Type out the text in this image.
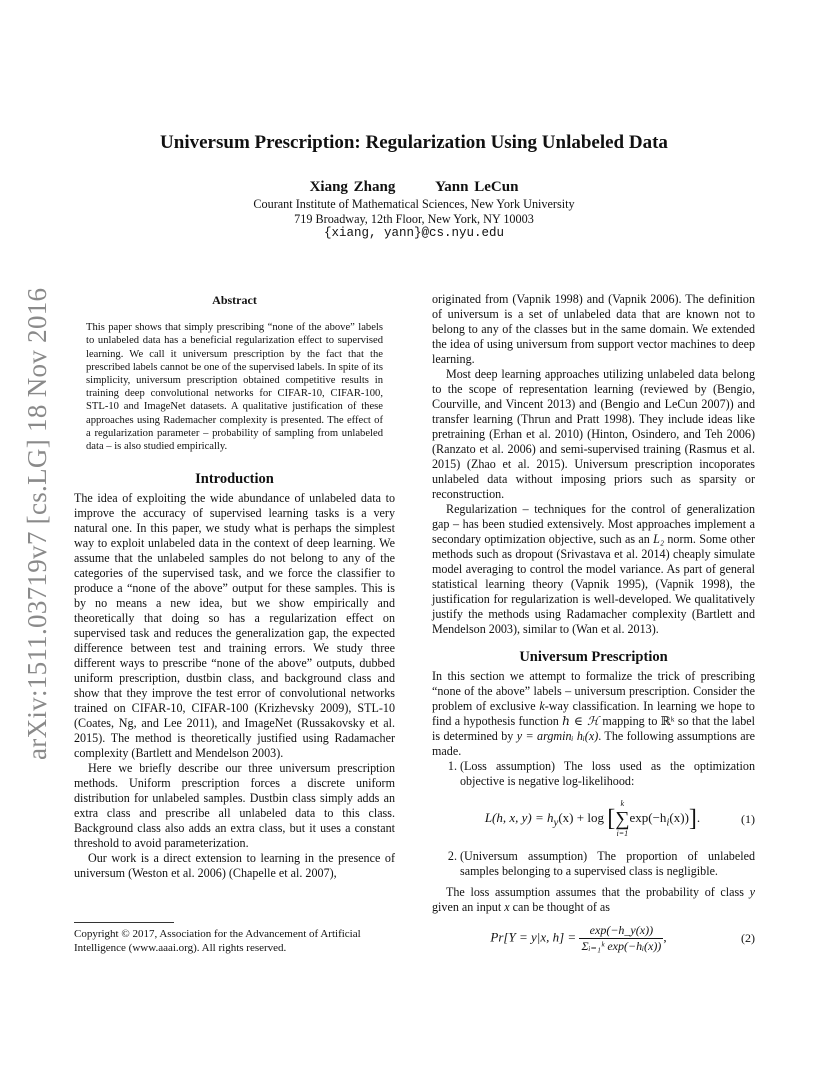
arXiv:1511.03719v7 [cs.LG] 18 Nov 2016
Universum Prescription: Regularization Using Unlabeled Data
Xiang Zhang	Yann LeCun
Courant Institute of Mathematical Sciences, New York University
719 Broadway, 12th Floor, New York, NY 10003
{xiang, yann}@cs.nyu.edu
Abstract

This paper shows that simply prescribing “none of the above” labels to unlabeled data has a beneficial regularization effect to supervised learning. We call it universum prescription by the fact that the prescribed labels cannot be one of the supervised labels. In spite of its simplicity, universum prescription obtained competitive results in training deep convolutional networks for CIFAR-10, CIFAR-100, STL-10 and ImageNet datasets. A qualitative justification of these approaches using Rademacher complexity is presented. The effect of a regularization parameter – probability of sampling from unlabeled data – is also studied empirically.

Introduction

The idea of exploiting the wide abundance of unlabeled data to improve the accuracy of supervised learning tasks is a very natural one. In this paper, we study what is perhaps the simplest way to exploit unlabeled data in the context of deep learning. We assume that the unlabeled samples do not belong to any of the categories of the supervised task, and we force the classifier to produce a “none of the above” output for these samples. This is by no means a new idea, but we show empirically and theoretically that doing so has a regularization effect on supervised task and reduces the generalization gap, the expected difference between test and training errors. We study three different ways to prescribe “none of the above” outputs, dubbed uniform prescription, dustbin class, and background class and show that they improve the test error of convolutional networks trained on CIFAR-10, CIFAR-100 (Krizhevsky 2009), STL-10 (Coates, Ng, and Lee 2011), and ImageNet (Russakovsky et al. 2015). The method is theoretically justified using Radamacher complexity (Bartlett and Mendelson 2003).

Here we briefly describe our three universum prescription methods. Uniform prescription forces a discrete uniform distribution for unlabeled samples. Dustbin class simply adds an extra class and prescribe all unlabeled data to this class. Background class also adds an extra class, but it uses a constant threshold to avoid parameterization.

Our work is a direct extension to learning in the presence of universum (Weston et al. 2006) (Chapelle et al. 2007),

Copyright © 2017, Association for the Advancement of Artificial Intelligence (www.aaai.org). All rights reserved.

originated from (Vapnik 1998) and (Vapnik 2006). The definition of universum is a set of unlabeled data that are known not to belong to any of the classes but in the same domain. We extended the idea of using universum from support vector machines to deep learning.

Most deep learning approaches utilizing unlabeled data belong to the scope of representation learning (reviewed by (Bengio, Courville, and Vincent 2013) and (Bengio and LeCun 2007)) and transfer learning (Thrun and Pratt 1998). They include ideas like pretraining (Erhan et al. 2010) (Hinton, Osindero, and Teh 2006) (Ranzato et al. 2006) and semi-supervised training (Rasmus et al. 2015) (Zhao et al. 2015). Universum prescription incoporates unlabeled data without imposing priors such as sparsity or reconstruction.

Regularization – techniques for the control of generalization gap – has been studied extensively. Most approaches implement a secondary optimization objective, such as an L₂ norm. Some other methods such as dropout (Srivastava et al. 2014) cheaply simulate model averaging to control the model variance. As part of general statistical learning theory (Vapnik 1995), (Vapnik 1998), the justification for regularization is well-developed. We qualitatively justify the methods using Radamacher complexity (Bartlett and Mendelson 2003), similar to (Wan et al. 2013).

Universum Prescription

In this section we attempt to formalize the trick of prescribing “none of the above” labels – universum prescription. Consider the problem of exclusive k-way classification. In learning we hope to find a hypothesis function h ∈ ℋ mapping to ℝᵏ so that the label is determined by y = argminᵢ hᵢ(x). The following assumptions are made.

1. (Loss assumption) The loss used as the optimization objective is negative log-likelihood:
L(h, x, $y) = h_y(x) + \log$ [
k
∑
i=1
$\exp(-h_i(x))$].	(1)
2. (Universum assumption) The proportion of unlabeled samples belonging to a supervised class is negligible.

The loss assumption assumes that the probability of class y given an input x can be thought of as

Pr[Y = y|x, $h] = \frac{\exp(-h\_y(x))}{\text{Σᵢ₌₁ᵏ exp(−hᵢ(x))}}$ ,	(2)
